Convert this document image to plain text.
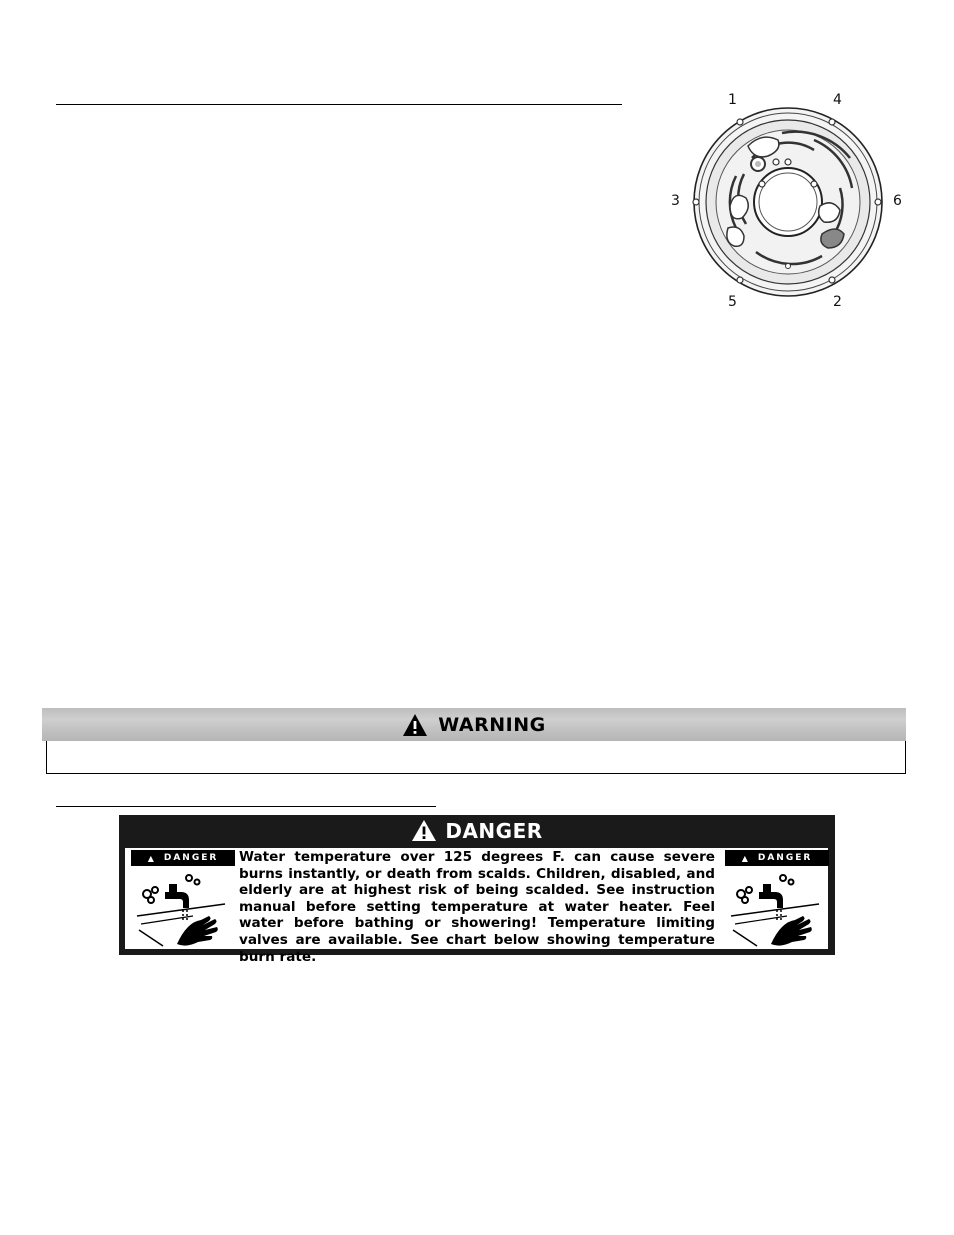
1	4
3	6
5	2
WARNING
DANGER
▲ DANGER Water temperature over 125 degrees F. can cause severe burns instantly, or death from scalds. Children, disabled, and elderly are at highest risk of being scalded. See instruction manual before setting temperature at water heater. Feel water before bathing or showering! Temperature limiting valves are available. See chart below showing temperature burn rate.
▲ DANGER
